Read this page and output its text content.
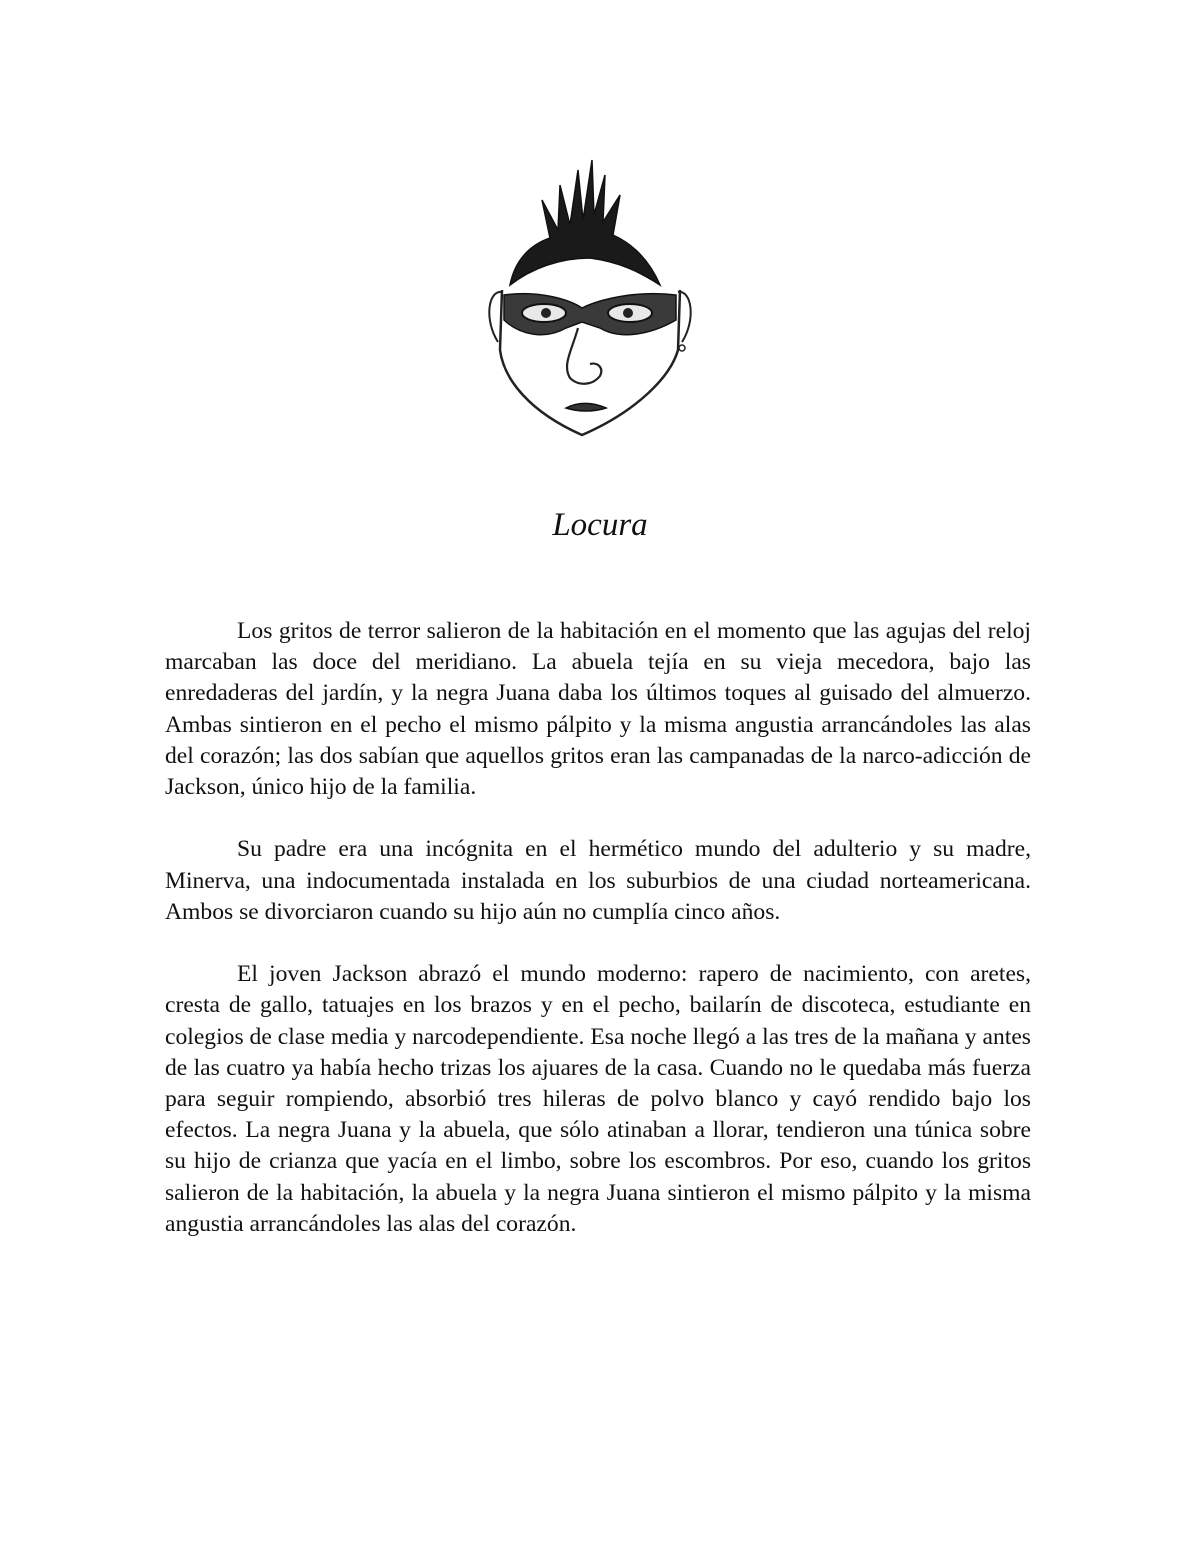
Locura

Los gritos de terror salieron de la habitación en el momento que las agujas del reloj marcaban las doce del meridiano. La abuela tejía en su vieja mecedora, bajo las enredaderas del jardín, y la negra Juana daba los últimos toques al guisado del almuerzo. Ambas sintieron en el pecho el mismo pálpito y la misma angustia arrancándoles las alas del corazón; las dos sabían que aquellos gritos eran las campanadas de la narco-adicción de Jackson, único hijo de la familia.

Su padre era una incógnita en el hermético mundo del adulterio y su madre, Minerva, una indocumentada instalada en los suburbios de una ciudad norteamericana. Ambos se divorciaron cuando su hijo aún no cumplía cinco años.

El joven Jackson abrazó el mundo moderno: rapero de nacimiento, con aretes, cresta de gallo, tatuajes en los brazos y en el pecho, bailarín de discoteca, estudiante en colegios de clase media y narcodependiente. Esa noche llegó a las tres de la mañana y antes de las cuatro ya había hecho trizas los ajuares de la casa. Cuando no le quedaba más fuerza para seguir rompiendo, absorbió tres hileras de polvo blanco y cayó rendido bajo los efectos. La negra Juana y la abuela, que sólo atinaban a llorar, tendieron una túnica sobre su hijo de crianza que yacía en el limbo, sobre los escombros. Por eso, cuando los gritos salieron de la habitación, la abuela y la negra Juana sintieron el mismo pálpito y la misma angustia arrancándoles las alas del corazón.
